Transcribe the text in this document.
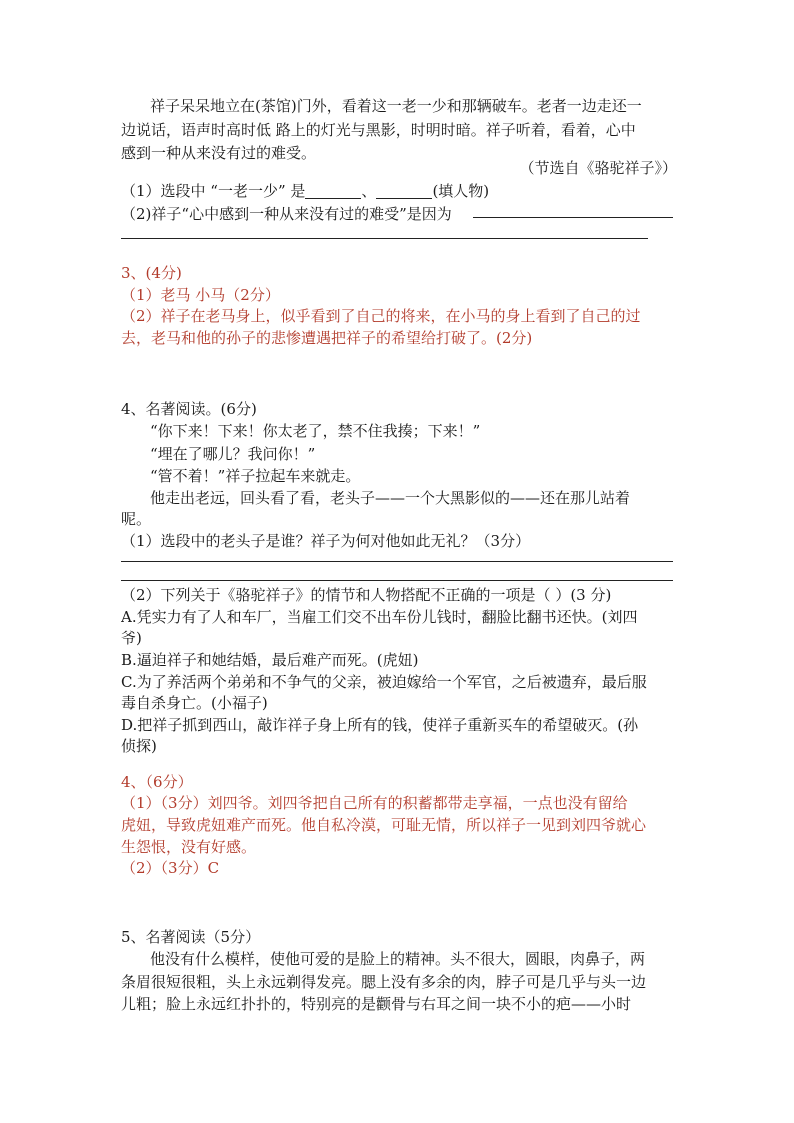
祥子呆呆地立在(茶馆)门外，看着这一老一少和那辆破车。老者一边走还一
边说话，语声时高时低 路上的灯光与黑影，时明时暗。祥子听着，看着，心中
感到一种从来没有过的难受。
（节选自《骆驼祥子》）
（1）选段中 “一老一少” 是	、	(填人物)
（2)祥子“心中感到一种从来没有过的难受”是因为
3、(4分)
（1）老马 小马（2分）
（2）祥子在老马身上，似乎看到了自己的将来，在小马的身上看到了自己的过
去，老马和他的孙子的悲惨遭遇把祥子的希望给打破了。(2分)
4、名著阅读。(6分)
“你下来！下来！你太老了，禁不住我揍；下来！”
“埋在了哪儿？我问你！”
“管不着！”祥子拉起车来就走。
他走出老远，回头看了看，老头子——一个大黑影似的——还在那儿站着
呢。
（1）选段中的老头子是谁？祥子为何对他如此无礼？（3分）
（2）下列关于《骆驼祥子》的情节和人物搭配不正确的一项是（ ）(3 分)
A.凭实力有了人和车厂，当雇工们交不出车份儿钱时，翻脸比翻书还快。(刘四
爷)
B.逼迫祥子和她结婚，最后难产而死。(虎妞)
C.为了养活两个弟弟和不争气的父亲，被迫嫁给一个军官，之后被遗弃，最后服
毒自杀身亡。(小福子)
D.把祥子抓到西山，敲诈祥子身上所有的钱，使祥子重新买车的希望破灭。(孙
侦探)
4、（6分）
（1）（3分）刘四爷。刘四爷把自己所有的积蓄都带走享福，一点也没有留给
虎妞，导致虎妞难产而死。他自私冷漠，可耻无情，所以祥子一见到刘四爷就心
生怨恨，没有好感。
（2）（3分）C
5、名著阅读（5分）
他没有什么模样，使他可爱的是脸上的精神。头不很大，圆眼，肉鼻子，两
条眉很短很粗，头上永远剃得发亮。腮上没有多余的肉，脖子可是几乎与头一边
儿粗；脸上永远红扑扑的，特别亮的是颧骨与右耳之间一块不小的疤——小时
